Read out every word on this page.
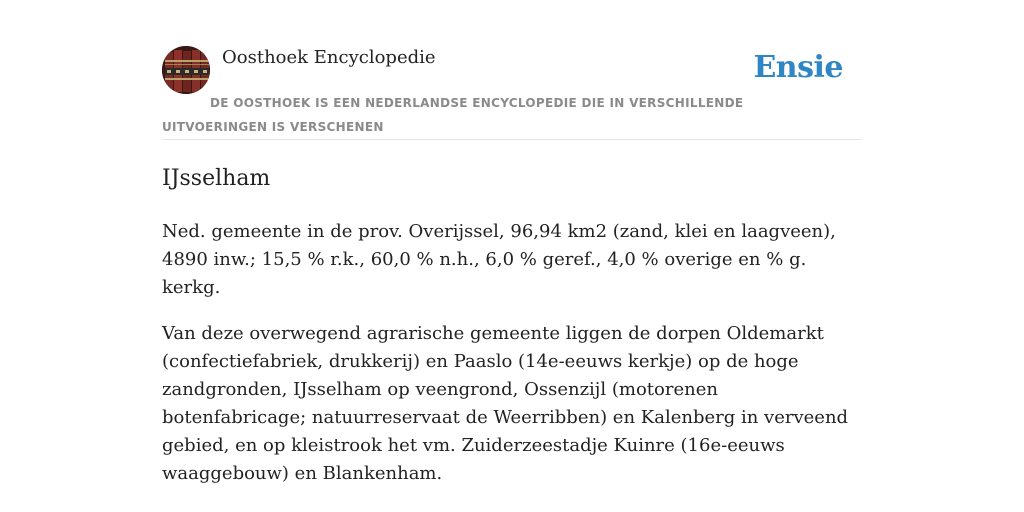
Oosthoek Encyclopedie	Ensie
DE OOSTHOEK IS EEN NEDERLANDSE ENCYCLOPEDIE DIE IN VERSCHILLENDE UITVOERINGEN IS VERSCHENEN
IJsselham

Ned. gemeente in de prov. Overijssel, 96,94 km2 (zand, klei en laagveen), 4890 inw.; 15,5 % r.k., 60,0 % n.h., 6,0 % geref., 4,0 % overige en % g. kerkg.

Van deze overwegend agrarische gemeente liggen de dorpen Oldemarkt (confectiefabriek, drukkerij) en Paaslo (14e-eeuws kerkje) op de hoge zandgronden, IJsselham op veengrond, Ossenzijl (motorenen botenfabricage; natuurreservaat de Weerribben) en Kalenberg in verveend gebied, en op kleistrook het vm. Zuiderzeestadje Kuinre (16e-eeuws waaggebouw) en Blankenham.
